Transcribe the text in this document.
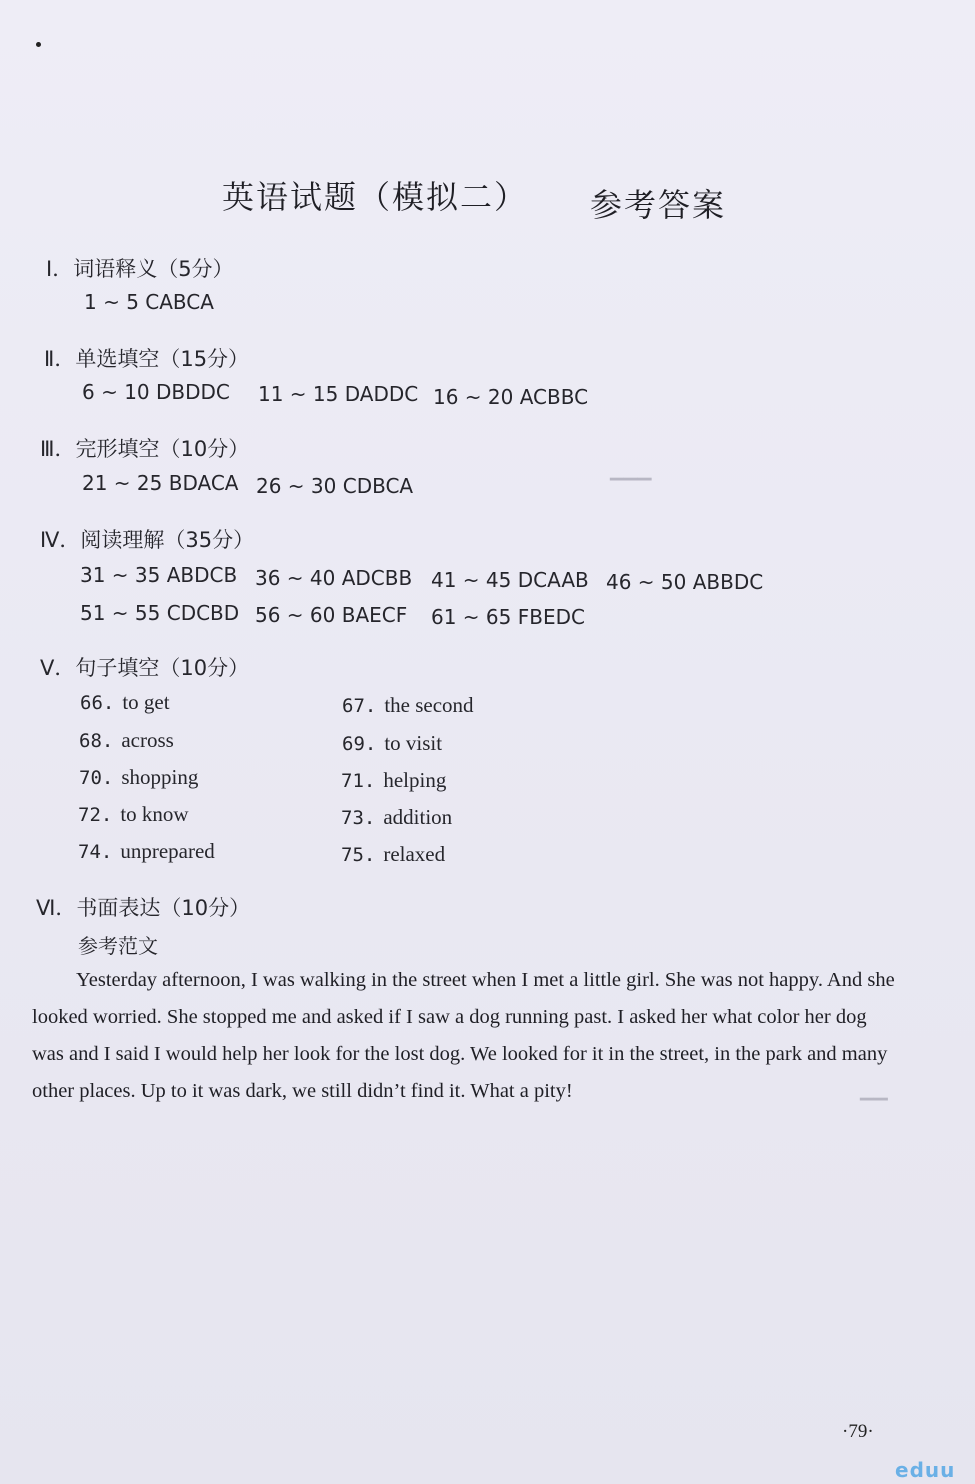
▁▁▁
▁▁
英语试题（模拟二） 参考答案
Ⅰ．词语释义（5分）
1 ~ 5 CABCA
Ⅱ．单选填空（15分）
6 ~ 10 DBDDC 11 ~ 15 DADDC 16 ~ 20 ACBBC
Ⅲ．完形填空（10分）
21 ~ 25 BDACA 26 ~ 30 CDBCA
Ⅳ．阅读理解（35分）
31 ~ 35 ABDCB 36 ~ 40 ADCBB 41 ~ 45 DCAAB 46 ~ 50 ABBDC
51 ~ 55 CDCBD 56 ~ 60 BAECF 61 ~ 65 FBEDC
Ⅴ．句子填空（10分）
66. to get	67. the second
68. across	69. to visit
70. shopping	71. helping
72. to know	73. addition
74. unprepared	75. relaxed
Ⅵ．书面表达（10分）
参考范文

Yesterday afternoon, I was walking in the street when I met a little girl. She was not happy. And she looked worried. She stopped me and asked if I saw a dog running past. I asked her what color her dog was and I said I would help her look for the lost dog. We looked for it in the street, in the park and many other places. Up to it was dark, we still didn’t find it. What a pity!

·79·
eduu
